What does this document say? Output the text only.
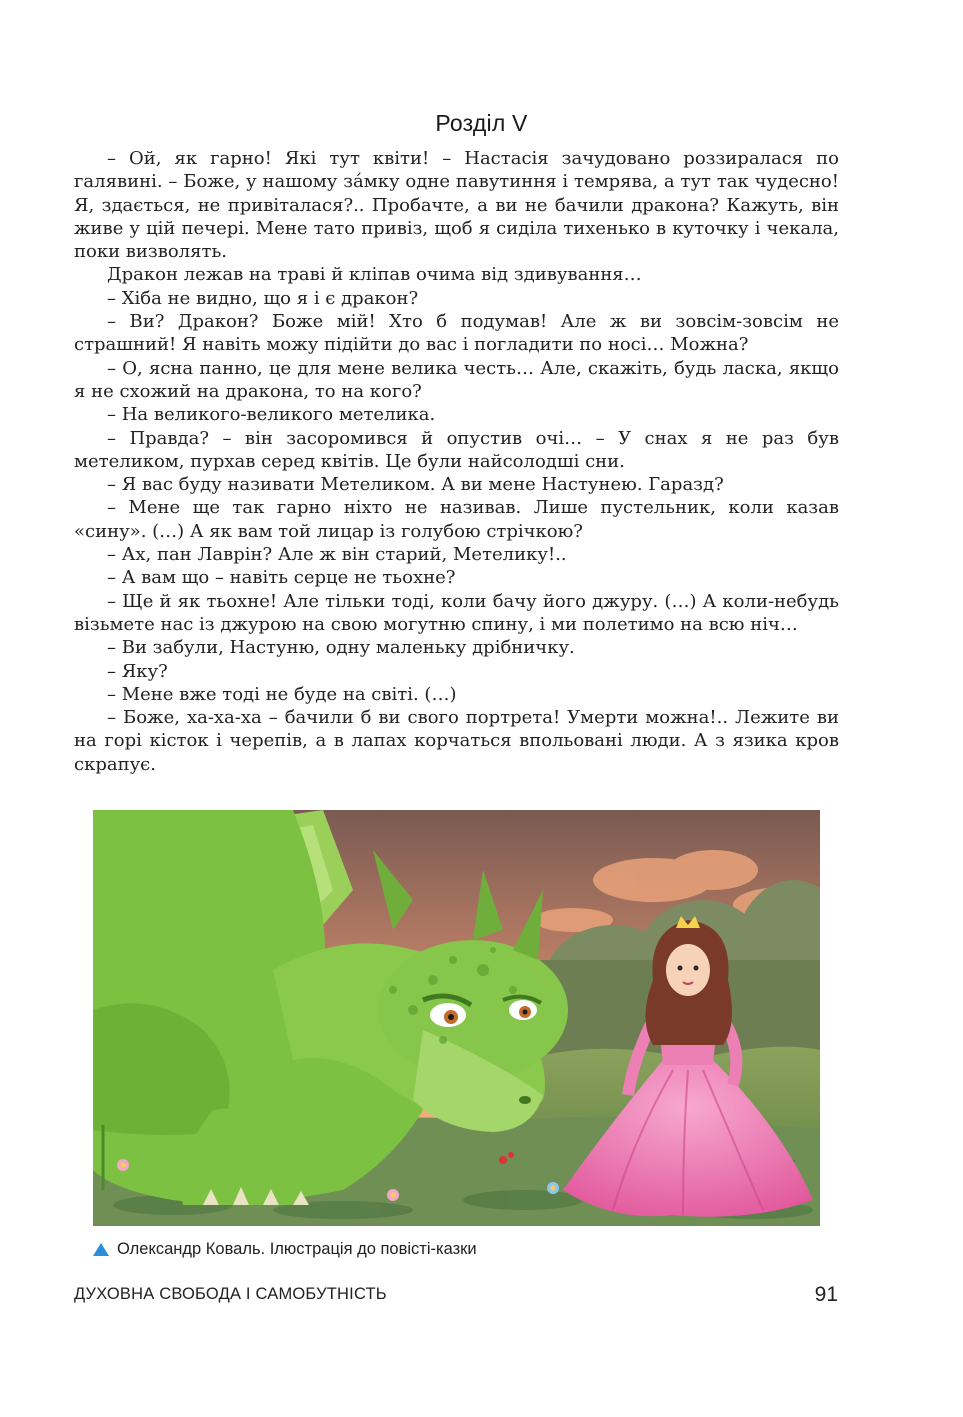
Розділ V

– Ой, як гарно! Які тут квіти! – Настасія зачудовано роззиралася по галявині. – Боже, у нашому за́мку одне павутиння і темрява, а тут так чудесно! Я, здається, не привіталася?.. Пробачте, а ви не бачили дракона? Кажуть, він живе у цій печері. Мене тато привіз, щоб я сиділа тихенько в куточку і чекала, поки визволять.

Дракон лежав на траві й кліпав очима від здивування…

– Хіба не видно, що я і є дракон?

– Ви? Дракон? Боже мій! Хто б подумав! Але ж ви зовсім-зовсім не страшний! Я навіть можу підійти до вас і погладити по носі… Можна?

– О, ясна панно, це для мене велика честь… Але, скажіть, будь ласка, якщо я не схожий на дракона, то на кого?

– На великого-великого метелика.

– Правда? – він засоромився й опустив очі… – У снах я не раз був метеликом, пурхав серед квітів. Це були найсолодші сни.

– Я вас буду називати Метеликом. А ви мене Настунею. Гаразд?

– Мене ще так гарно ніхто не називав. Лише пустельник, коли казав «сину». (…) А як вам той лицар із голубою стрічкою?

– Ах, пан Лаврін? Але ж він старий, Метелику!..

– А вам що – навіть серце не тьохне?

– Ще й як тьохне! Але тільки тоді, коли бачу його джуру. (…) А коли-небудь візьмете нас із джурою на свою могутню спину, і ми полетимо на всю ніч…

– Ви забули, Настуню, одну маленьку дрібничку.

– Яку?

– Мене вже тоді не буде на світі. (…)

– Боже, ха-ха-ха – бачили б ви свого портрета! Умерти можна!.. Лежите ви на горі кісток і черепів, а в лапах корчаться впольовані люди. А з язика кров скрапує.

Олександр Коваль. Ілюстрація до повісті-казки
ДУХОВНА СВОБОДА І САМОБУТНІСТЬ	91
